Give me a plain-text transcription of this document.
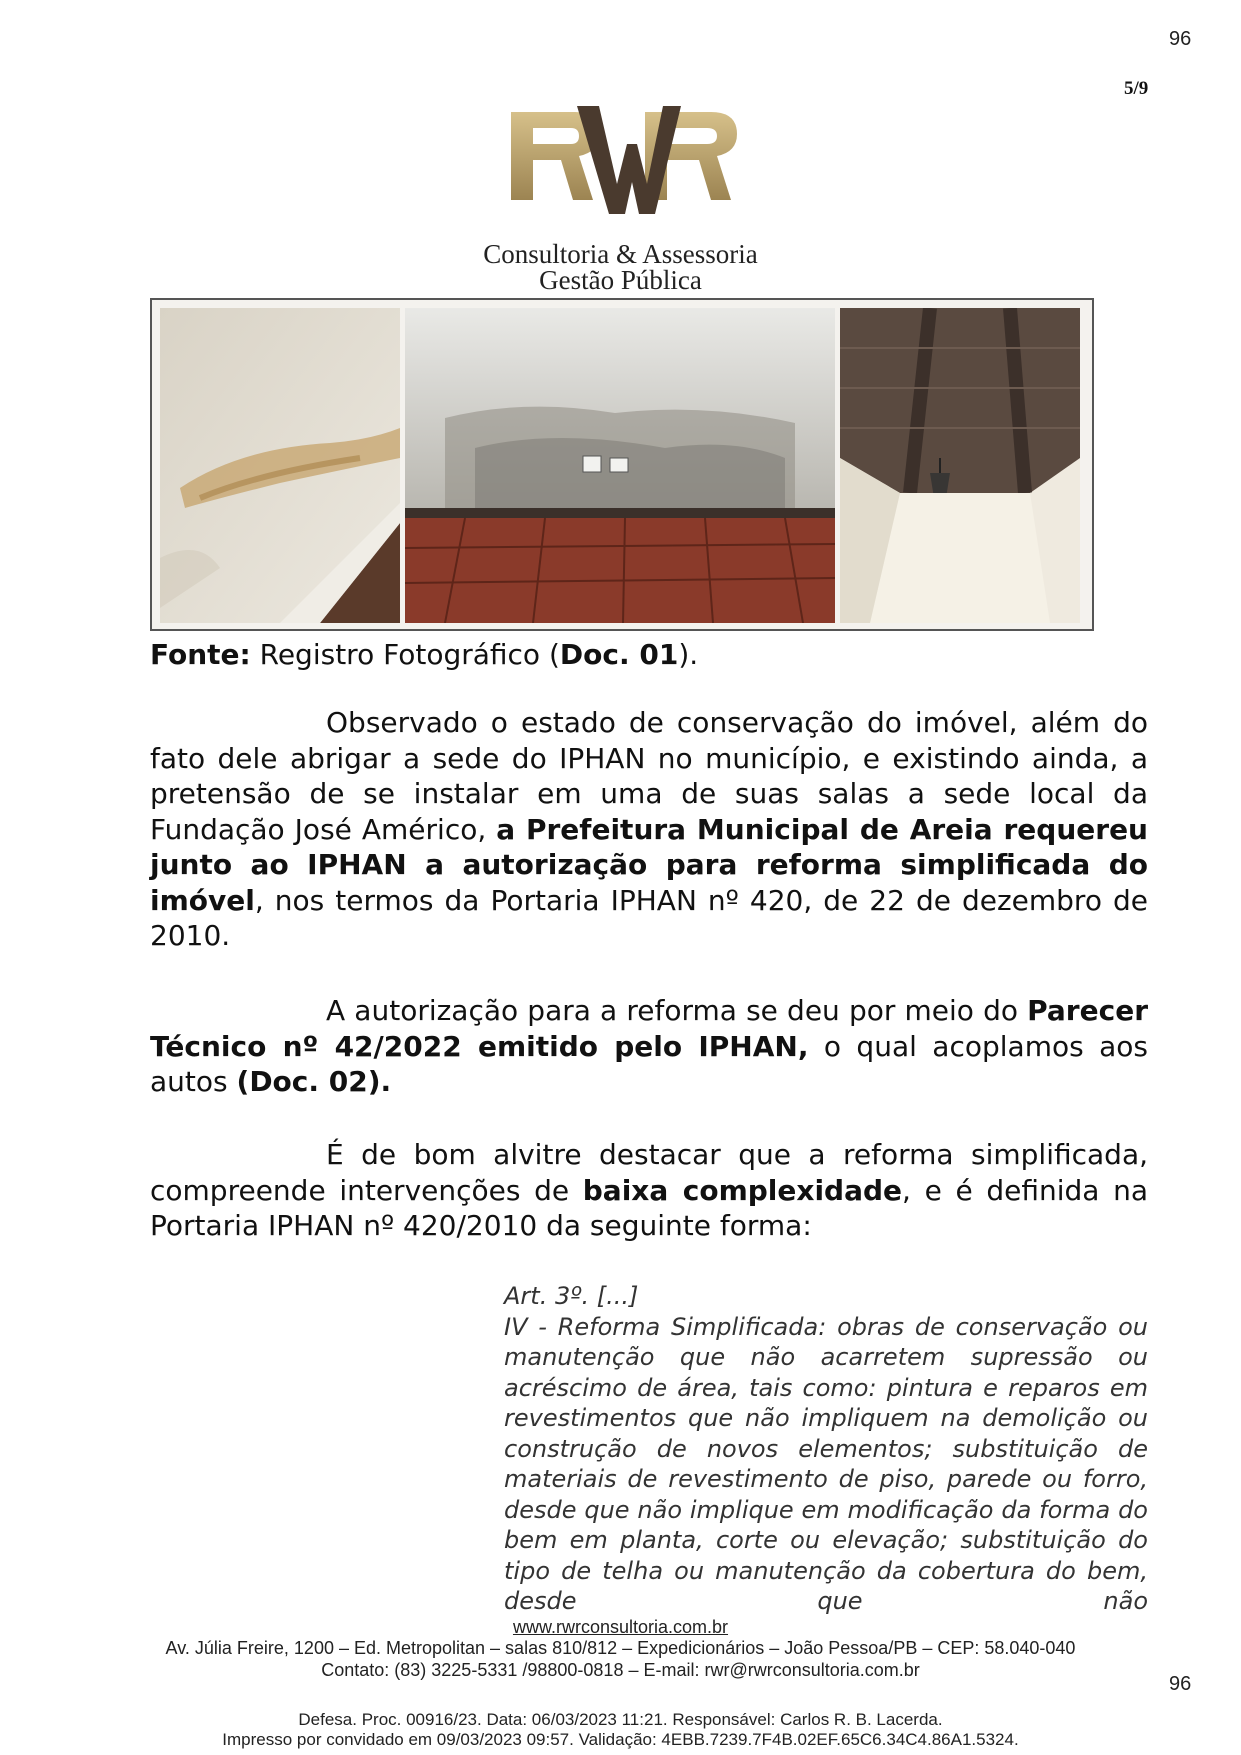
96
5/9
Consultoria & Assessoria
Gestão Pública
Fonte: Registro Fotográfico (Doc. 01).
Observado o estado de conservação do imóvel, além do fato dele abrigar a sede do IPHAN no município, e existindo ainda, a pretensão de se instalar em uma de suas salas a sede local da Fundação José Américo, a Prefeitura Municipal de Areia requereu junto ao IPHAN a autorização para reforma simplificada do imóvel, nos termos da Portaria IPHAN nº 420, de 22 de dezembro de 2010.
A autorização para a reforma se deu por meio do Parecer Técnico nº 42/2022 emitido pelo IPHAN, o qual acoplamos aos autos (Doc. 02).
É de bom alvitre destacar que a reforma simplificada, compreende intervenções de baixa complexidade, e é definida na Portaria IPHAN nº 420/2010 da seguinte forma:
Art. 3º. [...]
IV - Reforma Simplificada: obras de conservação ou manutenção que não acarretem supressão ou acréscimo de área, tais como: pintura e reparos em revestimentos que não impliquem na demolição ou construção de novos elementos; substituição de materiais de revestimento de piso, parede ou forro, desde que não implique em modificação da forma do bem em planta, corte ou elevação; substituição do tipo de telha ou manutenção da cobertura do bem, desde que não
www.rwrconsultoria.com.br
Av. Júlia Freire, 1200 – Ed. Metropolitan – salas 810/812 – Expedicionários – João Pessoa/PB – CEP: 58.040-040
Contato: (83) 3225-5331 /98800-0818 – E-mail: rwr@rwrconsultoria.com.br
96
Defesa. Proc. 00916/23. Data: 06/03/2023 11:21. Responsável: Carlos R. B. Lacerda.
Impresso por convidado em 09/03/2023 09:57. Validação: 4EBB.7239.7F4B.02EF.65C6.34C4.86A1.5324.
